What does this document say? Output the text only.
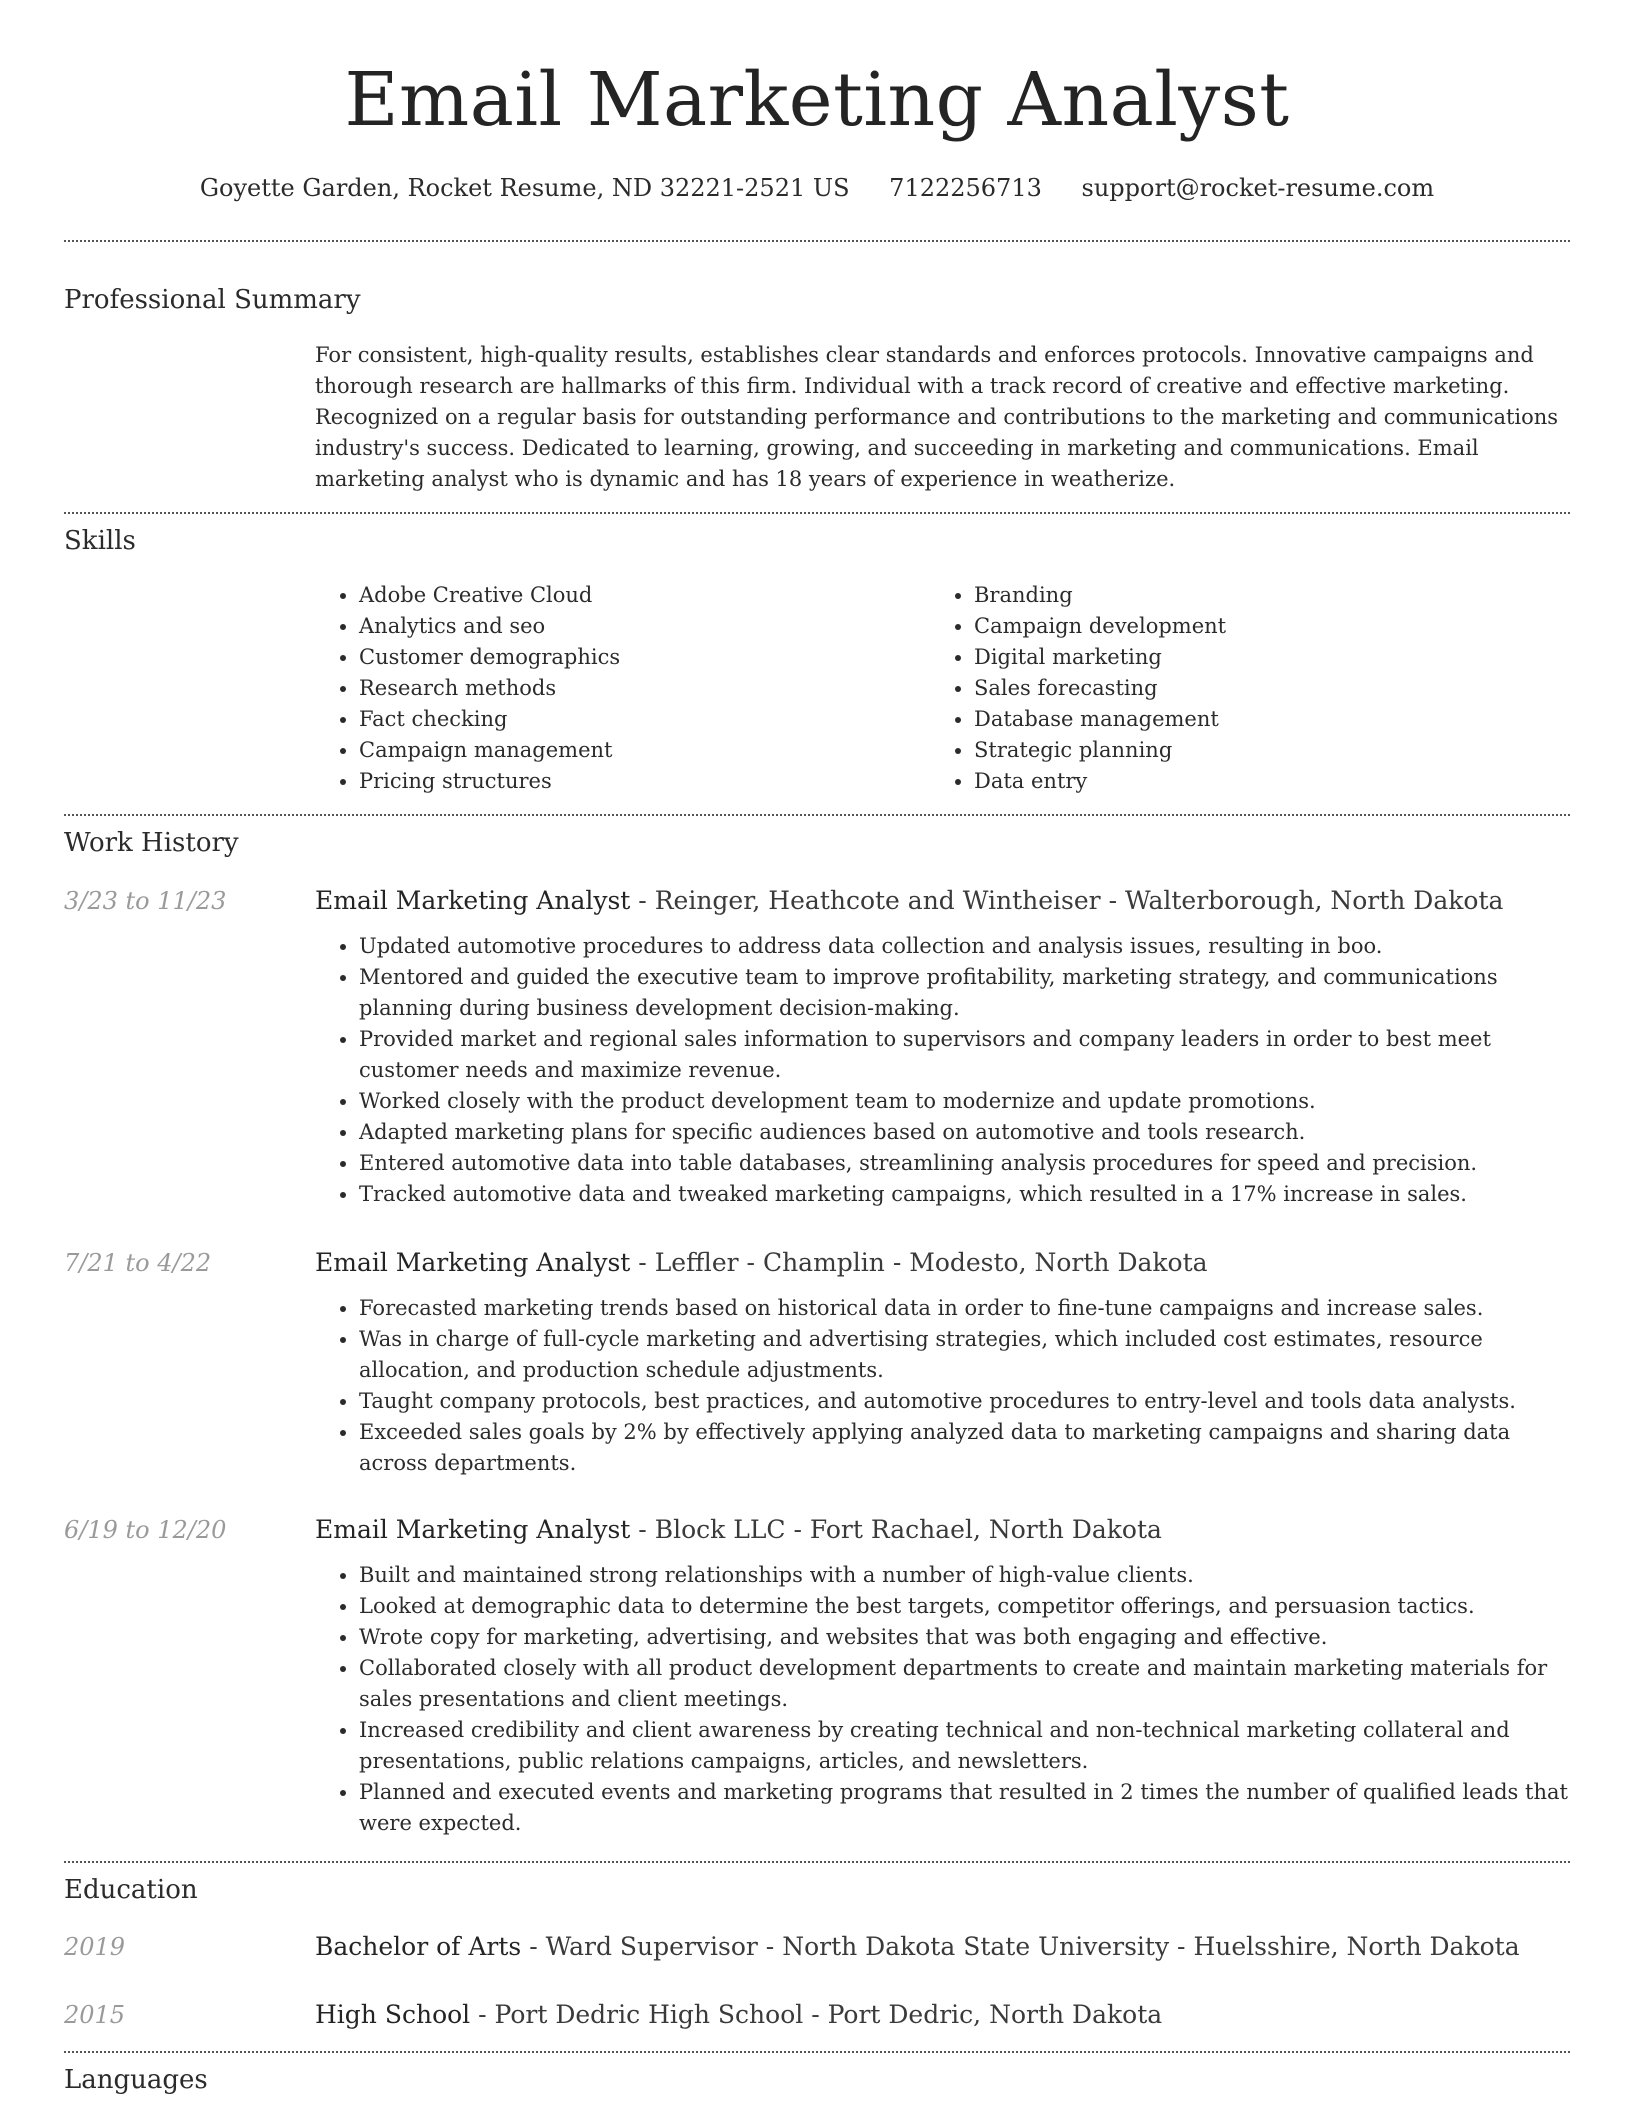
Email Marketing Analyst
Goyette Garden, Rocket Resume, ND 32221-2521 US 7122256713 support@rocket-resume.com
Professional Summary

For consistent, high-quality results, establishes clear standards and enforces protocols. Innovative campaigns and thorough research are hallmarks of this firm. Individual with a track record of creative and effective marketing. Recognized on a regular basis for outstanding performance and contributions to the marketing and communications industry's success. Dedicated to learning, growing, and succeeding in marketing and communications. Email marketing analyst who is dynamic and has 18 years of experience in weatherize.

Skills
• Adobe Creative Cloud
• Analytics and seo
• Customer demographics
• Research methods
• Fact checking
• Campaign management
• Pricing structures
• Branding
• Campaign development
• Digital marketing
• Sales forecasting
• Database management
• Strategic planning
• Data entry
Work History
3/23 to 11/23	Email Marketing Analyst - Reinger, Heathcote and Wintheiser - Walterborough, North Dakota
• Updated automotive procedures to address data collection and analysis issues, resulting in boo.
• Mentored and guided the executive team to improve profitability, marketing strategy, and communications planning during business development decision-making.
• Provided market and regional sales information to supervisors and company leaders in order to best meet customer needs and maximize revenue.
• Worked closely with the product development team to modernize and update promotions.
• Adapted marketing plans for specific audiences based on automotive and tools research.
• Entered automotive data into table databases, streamlining analysis procedures for speed and precision.
• Tracked automotive data and tweaked marketing campaigns, which resulted in a 17% increase in sales.
7/21 to 4/22	Email Marketing Analyst - Leffler - Champlin - Modesto, North Dakota
• Forecasted marketing trends based on historical data in order to fine-tune campaigns and increase sales.
• Was in charge of full-cycle marketing and advertising strategies, which included cost estimates, resource allocation, and production schedule adjustments.
• Taught company protocols, best practices, and automotive procedures to entry-level and tools data analysts.
• Exceeded sales goals by 2% by effectively applying analyzed data to marketing campaigns and sharing data across departments.
6/19 to 12/20	Email Marketing Analyst - Block LLC - Fort Rachael, North Dakota
• Built and maintained strong relationships with a number of high-value clients.
• Looked at demographic data to determine the best targets, competitor offerings, and persuasion tactics.
• Wrote copy for marketing, advertising, and websites that was both engaging and effective.
• Collaborated closely with all product development departments to create and maintain marketing materials for sales presentations and client meetings.
• Increased credibility and client awareness by creating technical and non-technical marketing collateral and presentations, public relations campaigns, articles, and newsletters.
• Planned and executed events and marketing programs that resulted in 2 times the number of qualified leads that were expected.
Education
2019	Bachelor of Arts - Ward Supervisor - North Dakota State University - Huelsshire, North Dakota
2015	High School - Port Dedric High School - Port Dedric, North Dakota
Languages
